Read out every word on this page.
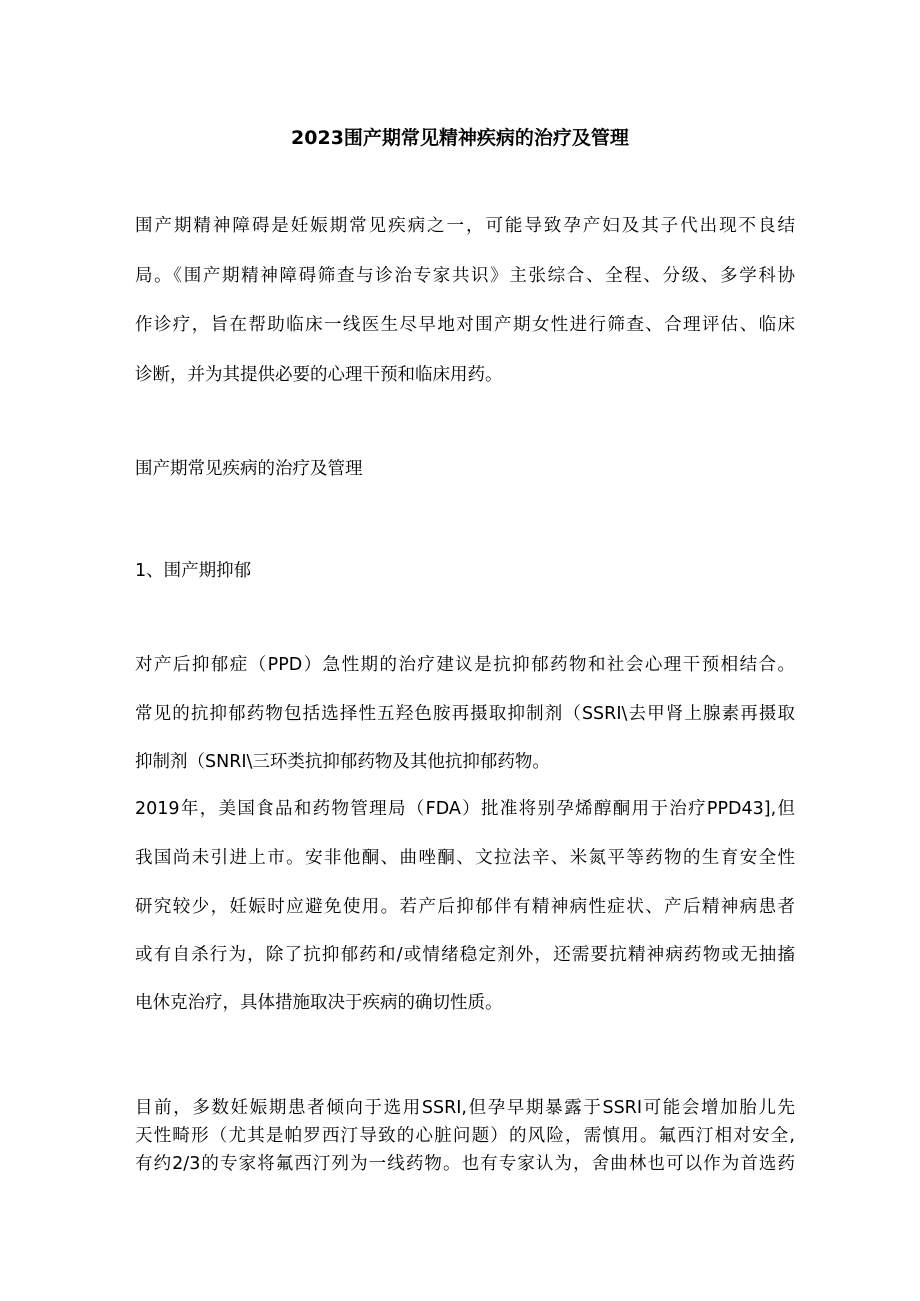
2023围产期常见精神疾病的治疗及管理
围产期精神障碍是妊娠期常见疾病之一，可能导致孕产妇及其子代出现不良结
局。《围产期精神障碍筛查与诊治专家共识》主张综合、全程、分级、多学科协
作诊疗，旨在帮助临床一线医生尽早地对围产期女性进行筛查、合理评估、临床
诊断，并为其提供必要的心理干预和临床用药。
围产期常见疾病的治疗及管理
1、围产期抑郁
对产后抑郁症（PPD）急性期的治疗建议是抗抑郁药物和社会心理干预相结合。
常见的抗抑郁药物包括选择性五羟色胺再摄取抑制剂（SSRI\去甲肾上腺素再摄取
抑制剂（SNRI\三环类抗抑郁药物及其他抗抑郁药物。
2019年，美国食品和药物管理局（FDA）批准将别孕烯醇酮用于治疗PPD43],但
我国尚未引进上市。安非他酮、曲唑酮、文拉法辛、米氮平等药物的生育安全性
研究较少，妊娠时应避免使用。若产后抑郁伴有精神病性症状、产后精神病患者
或有自杀行为，除了抗抑郁药和/或情绪稳定剂外，还需要抗精神病药物或无抽搐
电休克治疗，具体措施取决于疾病的确切性质。
目前，多数妊娠期患者倾向于选用SSRI,但孕早期暴露于SSRI可能会增加胎儿先
天性畸形（尤其是帕罗西汀导致的心脏问题）的风险，需慎用。氟西汀相对安全,
有约2/3的专家将氟西汀列为一线药物。也有专家认为，舍曲林也可以作为首选药
